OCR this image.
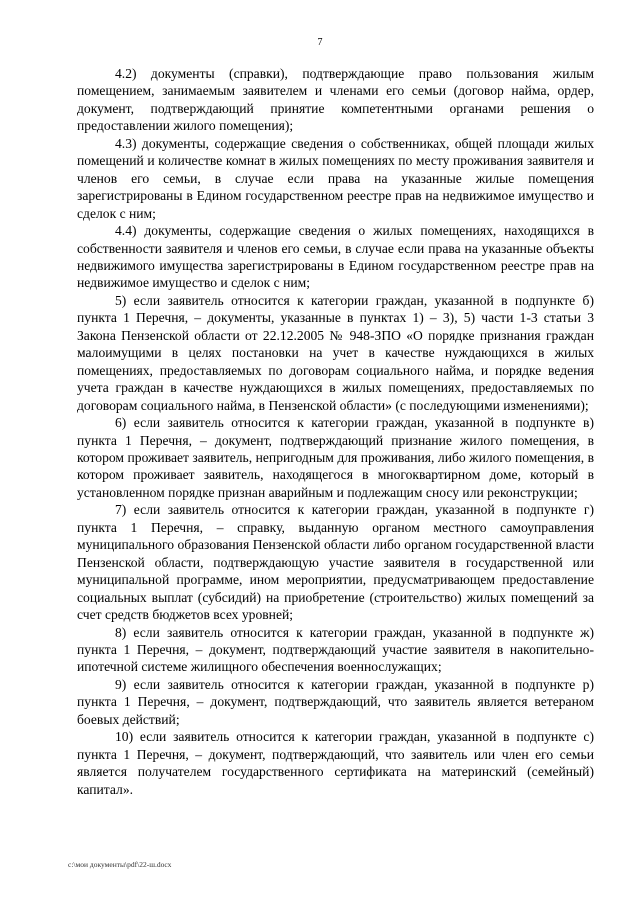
7

4.2) документы (справки), подтверждающие право пользования жилым помещением, занимаемым заявителем и членами его семьи (договор найма, ордер, документ, подтверждающий принятие компетентными органами решения о предоставлении жилого помещения);

4.3) документы, содержащие сведения о собственниках, общей площади жилых помещений и количестве комнат в жилых помещениях по месту проживания заявителя и членов его семьи, в случае если права на указанные жилые помещения зарегистрированы в Едином государственном реестре прав на недвижимое имущество и сделок с ним;

4.4) документы, содержащие сведения о жилых помещениях, находящихся в собственности заявителя и членов его семьи, в случае если права на указанные объекты недвижимого имущества зарегистрированы в Едином государственном реестре прав на недвижимое имущество и сделок с ним;

5) если заявитель относится к категории граждан, указанной в подпункте б) пункта 1 Перечня, – документы, указанные в пунктах 1) – 3), 5) части 1-3 статьи 3 Закона Пензенской области от 22.12.2005 № 948-ЗПО «О порядке признания граждан малоимущими в целях постановки на учет в качестве нуждающихся в жилых помещениях, предоставляемых по договорам социального найма, и порядке ведения учета граждан в качестве нуждающихся в жилых помещениях, предоставляемых по договорам социального найма, в Пензенской области» (с последующими изменениями);

6) если заявитель относится к категории граждан, указанной в подпункте в) пункта 1 Перечня, – документ, подтверждающий признание жилого помещения, в котором проживает заявитель, непригодным для проживания, либо жилого помещения, в котором проживает заявитель, находящегося в многоквартирном доме, который в установленном порядке признан аварийным и подлежащим сносу или реконструкции;

7) если заявитель относится к категории граждан, указанной в подпункте г) пункта 1 Перечня, – справку, выданную органом местного самоуправления муниципального образования Пензенской области либо органом государственной власти Пензенской области, подтверждающую участие заявителя в государственной или муниципальной программе, ином мероприятии, предусматривающем предоставление социальных выплат (субсидий) на приобретение (строительство) жилых помещений за счет средств бюджетов всех уровней;

8) если заявитель относится к категории граждан, указанной в подпункте ж) пункта 1 Перечня, – документ, подтверждающий участие заявителя в накопительно-ипотечной системе жилищного обеспечения военнослужащих;

9) если заявитель относится к категории граждан, указанной в подпункте р) пункта 1 Перечня, – документ, подтверждающий, что заявитель является ветераном боевых действий;

10) если заявитель относится к категории граждан, указанной в подпункте с) пункта 1 Перечня, – документ, подтверждающий, что заявитель или член его семьи является получателем государственного сертификата на материнский (семейный) капитал».

c:\мои документы\pdf\22-ш.docx
